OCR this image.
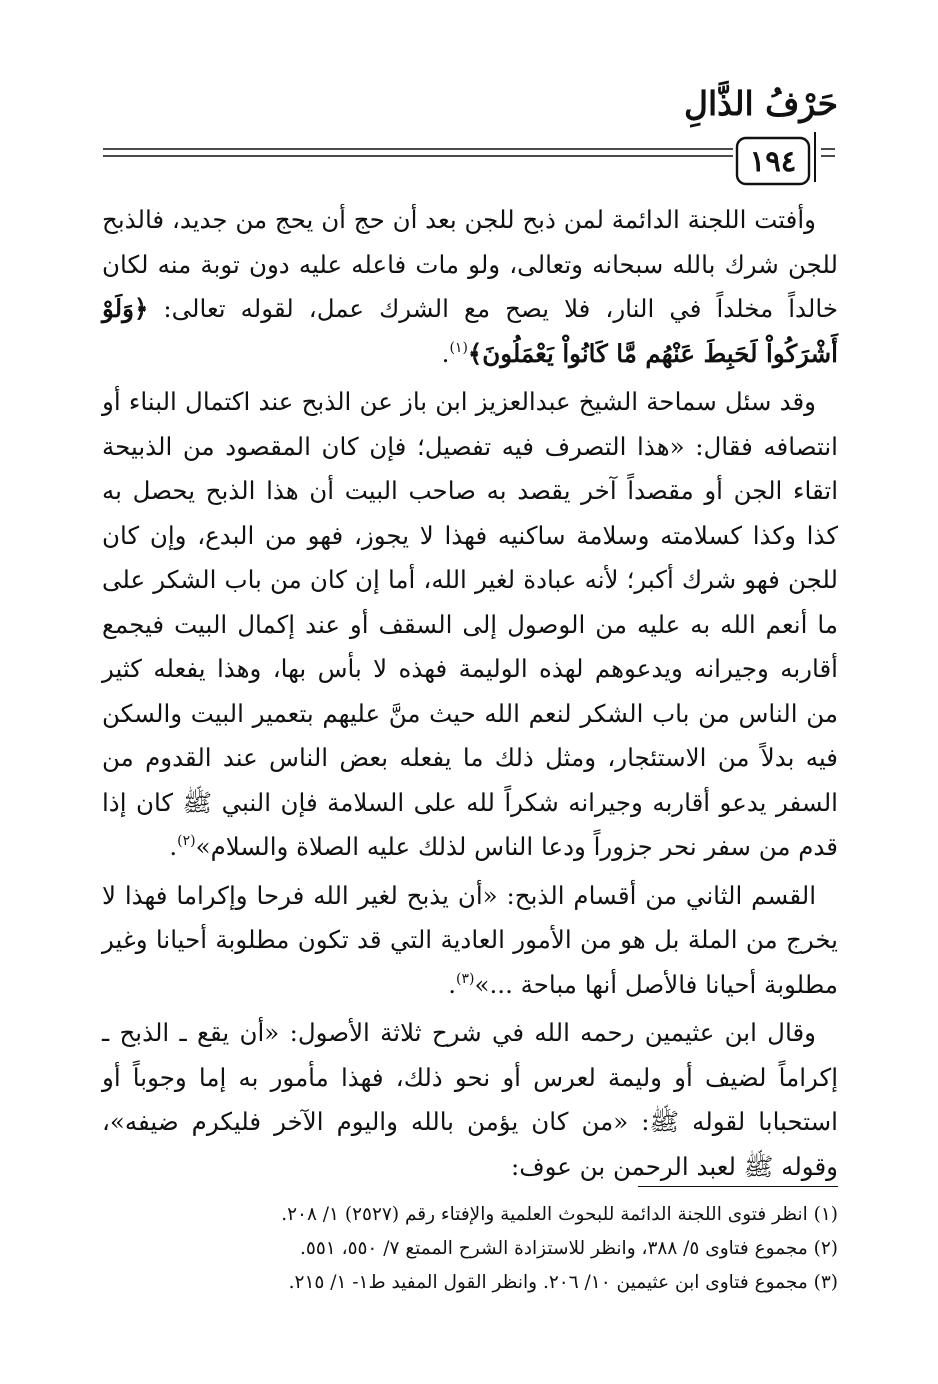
حَرْفُ الذَّالِ
١٩٤

وأفتت اللجنة الدائمة لمن ذبح للجن بعد أن حج أن يحج من جديد، فالذبح للجن شرك بالله سبحانه وتعالى، ولو مات فاعله عليه دون توبة منه لكان خالداً مخلداً في النار، فلا يصح مع الشرك عمل، لقوله تعالى: ﴿وَلَوْ أَشْرَكُواْ لَحَبِطَ عَنْهُم مَّا كَانُواْ يَعْمَلُونَ﴾$^{(١)}$.

وقد سئل سماحة الشيخ عبدالعزيز ابن باز عن الذبح عند اكتمال البناء أو انتصافه فقال: «هذا التصرف فيه تفصيل؛ فإن كان المقصود من الذبيحة اتقاء الجن أو مقصداً آخر يقصد به صاحب البيت أن هذا الذبح يحصل به كذا وكذا كسلامته وسلامة ساكنيه فهذا لا يجوز، فهو من البدع، وإن كان للجن فهو شرك أكبر؛ لأنه عبادة لغير الله، أما إن كان من باب الشكر على ما أنعم الله به عليه من الوصول إلى السقف أو عند إكمال البيت فيجمع أقاربه وجيرانه ويدعوهم لهذه الوليمة فهذه لا بأس بها، وهذا يفعله كثير من الناس من باب الشكر لنعم الله حيث منَّ عليهم بتعمير البيت والسكن فيه بدلاً من الاستئجار، ومثل ذلك ما يفعله بعض الناس عند القدوم من السفر يدعو أقاربه وجيرانه شكراً لله على السلامة فإن النبي ﷺ كان إذا قدم من سفر نحر جزوراً ودعا الناس لذلك عليه الصلاة والسلام»$^{(٢)}$.

القسم الثاني من أقسام الذبح: «أن يذبح لغير الله فرحا وإكراما فهذا لا يخرج من الملة بل هو من الأمور العادية التي قد تكون مطلوبة أحيانا وغير مطلوبة أحيانا فالأصل أنها مباحة ...»$^{(٣)}$.

وقال ابن عثيمين رحمه الله في شرح ثلاثة الأصول: «أن يقع ـ الذبح ـ إكراماً لضيف أو وليمة لعرس أو نحو ذلك، فهذا مأمور به إما وجوباً أو استحبابا لقوله ﷺ: «من كان يؤمن بالله واليوم الآخر فليكرم ضيفه»، وقوله ﷺ لعبد الرحمن بن عوف:

(١) انظر فتوى اللجنة الدائمة للبحوث العلمية والإفتاء رقم (٢٥٢٧) ١/ ٢٠٨.
(٢) مجموع فتاوى ٥/ ٣٨٨، وانظر للاستزادة الشرح الممتع ٧/ ٥٥٠، ٥٥١.
(٣) مجموع فتاوى ابن عثيمين ١٠/ ٢٠٦. وانظر القول المفيد ط١- ١/ ٢١٥.
